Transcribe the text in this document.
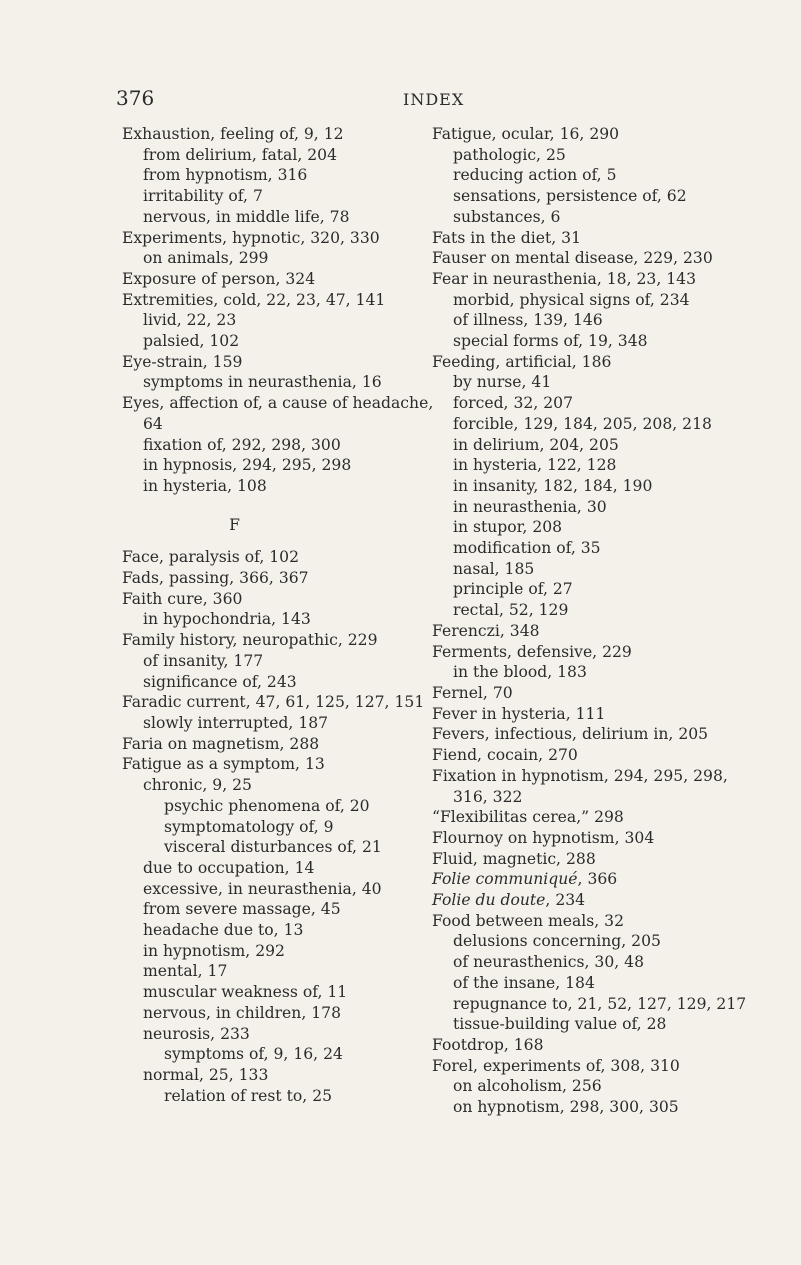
376	INDEX
Exhaustion, feeling of, 9, 12
from delirium, fatal, 204
from hypnotism, 316
irritability of, 7
nervous, in middle life, 78
Experiments, hypnotic, 320, 330
on animals, 299
Exposure of person, 324
Extremities, cold, 22, 23, 47, 141
livid, 22, 23
palsied, 102
Eye-strain, 159
symptoms in neurasthenia, 16
Eyes, affection of, a cause of headache,
64
fixation of, 292, 298, 300
in hypnosis, 294, 295, 298
in hysteria, 108
F
Face, paralysis of, 102
Fads, passing, 366, 367
Faith cure, 360
in hypochondria, 143
Family history, neuropathic, 229
of insanity, 177
significance of, 243
Faradic current, 47, 61, 125, 127, 151
slowly interrupted, 187
Faria on magnetism, 288
Fatigue as a symptom, 13
chronic, 9, 25
psychic phenomena of, 20
symptomatology of, 9
visceral disturbances of, 21
due to occupation, 14
excessive, in neurasthenia, 40
from severe massage, 45
headache due to, 13
in hypnotism, 292
mental, 17
muscular weakness of, 11
nervous, in children, 178
neurosis, 233
symptoms of, 9, 16, 24
normal, 25, 133
relation of rest to, 25
Fatigue, ocular, 16, 290
pathologic, 25
reducing action of, 5
sensations, persistence of, 62
substances, 6
Fats in the diet, 31
Fauser on mental disease, 229, 230
Fear in neurasthenia, 18, 23, 143
morbid, physical signs of, 234
of illness, 139, 146
special forms of, 19, 348
Feeding, artificial, 186
by nurse, 41
forced, 32, 207
forcible, 129, 184, 205, 208, 218
in delirium, 204, 205
in hysteria, 122, 128
in insanity, 182, 184, 190
in neurasthenia, 30
in stupor, 208
modification of, 35
nasal, 185
principle of, 27
rectal, 52, 129
Ferenczi, 348
Ferments, defensive, 229
in the blood, 183
Fernel, 70
Fever in hysteria, 111
Fevers, infectious, delirium in, 205
Fiend, cocain, 270
Fixation in hypnotism, 294, 295, 298,
316, 322
“Flexibilitas cerea,” 298
Flournoy on hypnotism, 304
Fluid, magnetic, 288
Folie communiqué, 366
Folie du doute, 234
Food between meals, 32
delusions concerning, 205
of neurasthenics, 30, 48
of the insane, 184
repugnance to, 21, 52, 127, 129, 217
tissue-building value of, 28
Footdrop, 168
Forel, experiments of, 308, 310
on alcoholism, 256
on hypnotism, 298, 300, 305
